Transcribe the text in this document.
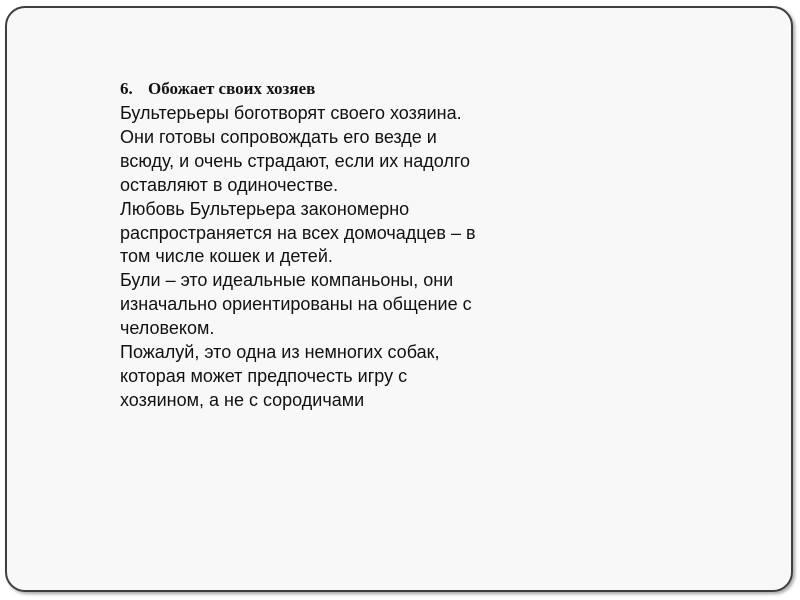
6. Обожает своих хозяев

Бультерьеры боготворят своего хозяина.

Они готовы сопровождать его везде и
всюду, и очень страдают, если их надолго
оставляют в одиночестве.

Любовь Бультерьера закономерно
распространяется на всех домочадцев – в
том числе кошек и детей.

Були – это идеальные компаньоны, они
изначально ориентированы на общение с
человеком.

Пожалуй, это одна из немногих собак,
которая может предпочесть игру с
хозяином, а не с сородичами
